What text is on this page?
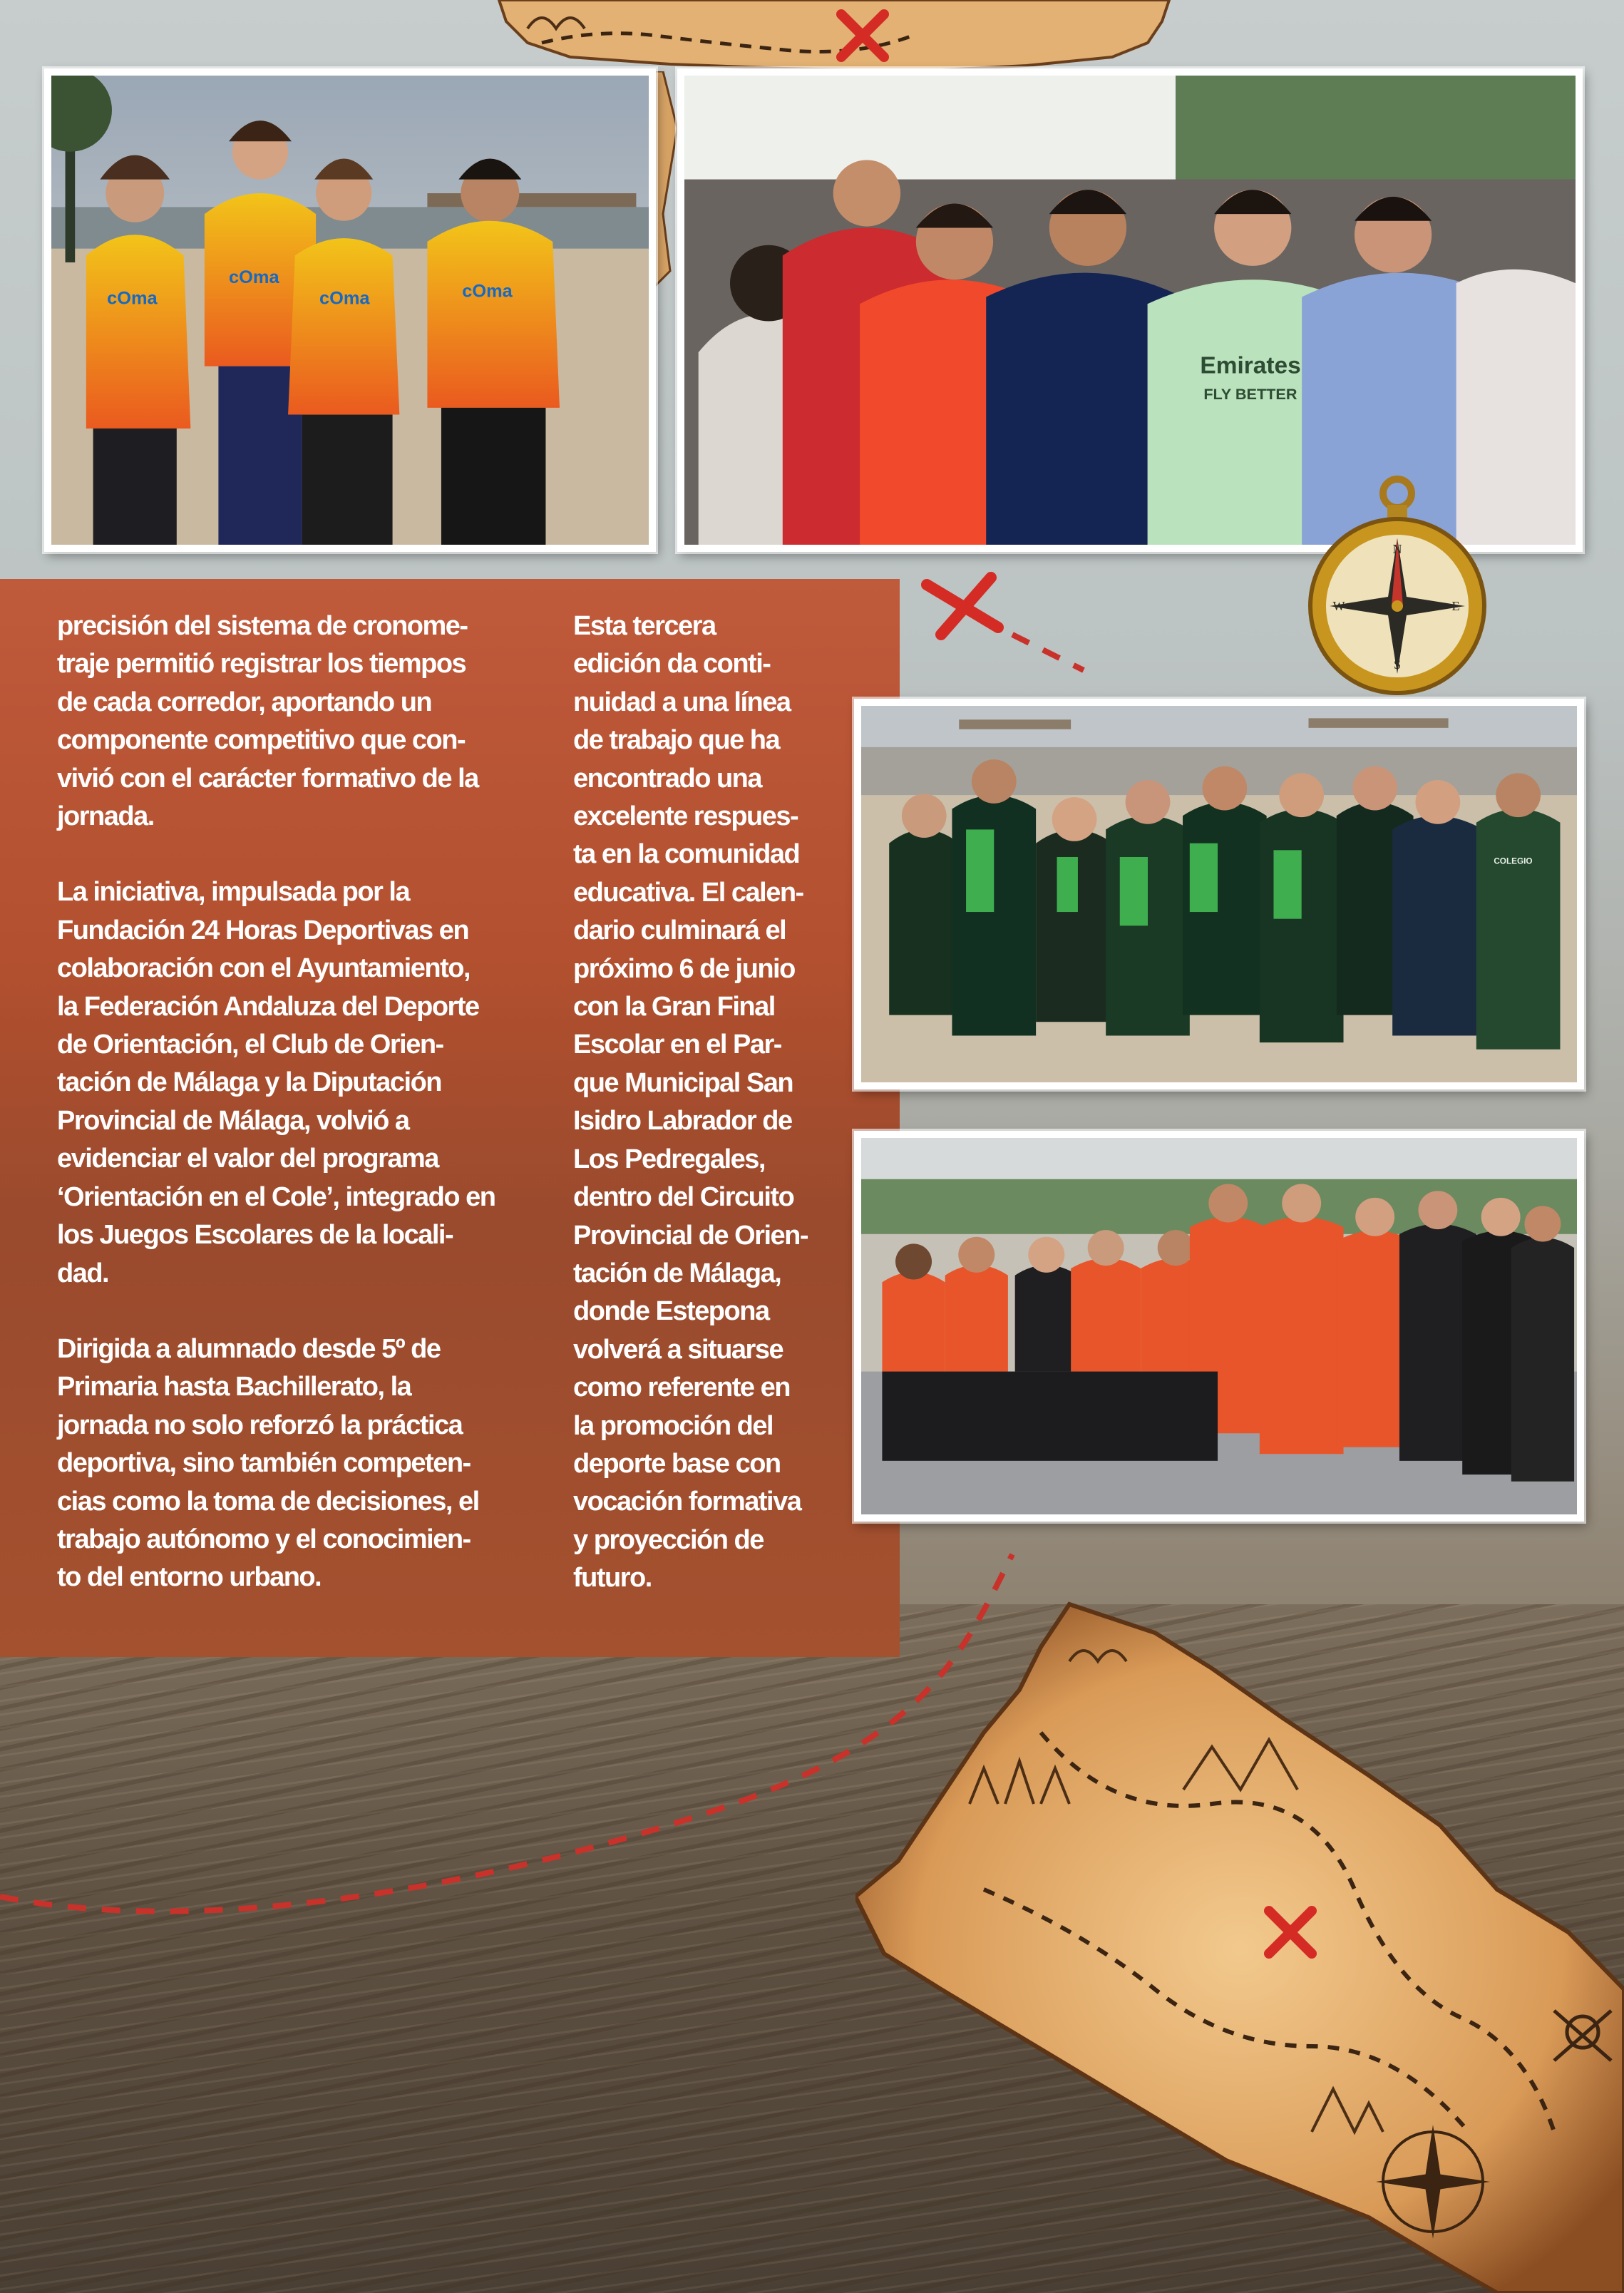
precisión del sistema de cronome-
traje permitió registrar los tiempos
de cada corredor, aportando un
componente competitivo que con-
vivió con el carácter formativo de la
jornada.

La iniciativa, impulsada por la
Fundación 24 Horas Deportivas en
colaboración con el Ayuntamiento,
la Federación Andaluza del Deporte
de Orientación, el Club de Orien-
tación de Málaga y la Diputación
Provincial de Málaga, volvió a
evidenciar el valor del programa
‘Orientación en el Cole’, integrado en
los Juegos Escolares de la locali-
dad.

Dirigida a alumnado desde 5º de
Primaria hasta Bachillerato, la
jornada no solo reforzó la práctica
deportiva, sino también competen-
cias como la toma de decisiones, el
trabajo autónomo y el conocimien-
to del entorno urbano.

Esta tercera
edición da conti-
nuidad a una línea
de trabajo que ha
encontrado una
excelente respues-
ta en la comunidad
educativa. El calen-
dario culminará el
próximo 6 de junio
con la Gran Final
Escolar en el Par-
que Municipal San
Isidro Labrador de
Los Pedregales,
dentro del Circuito
Provincial de Orien-
tación de Málaga,
donde Estepona
volverá a situarse
como referente en
la promoción del
deporte base con
vocación formativa
y proyección de
futuro.

cOma
cOma
cOma	cOma
Emirates
FLY BETTER
N
E
S
W
COLEGIO
